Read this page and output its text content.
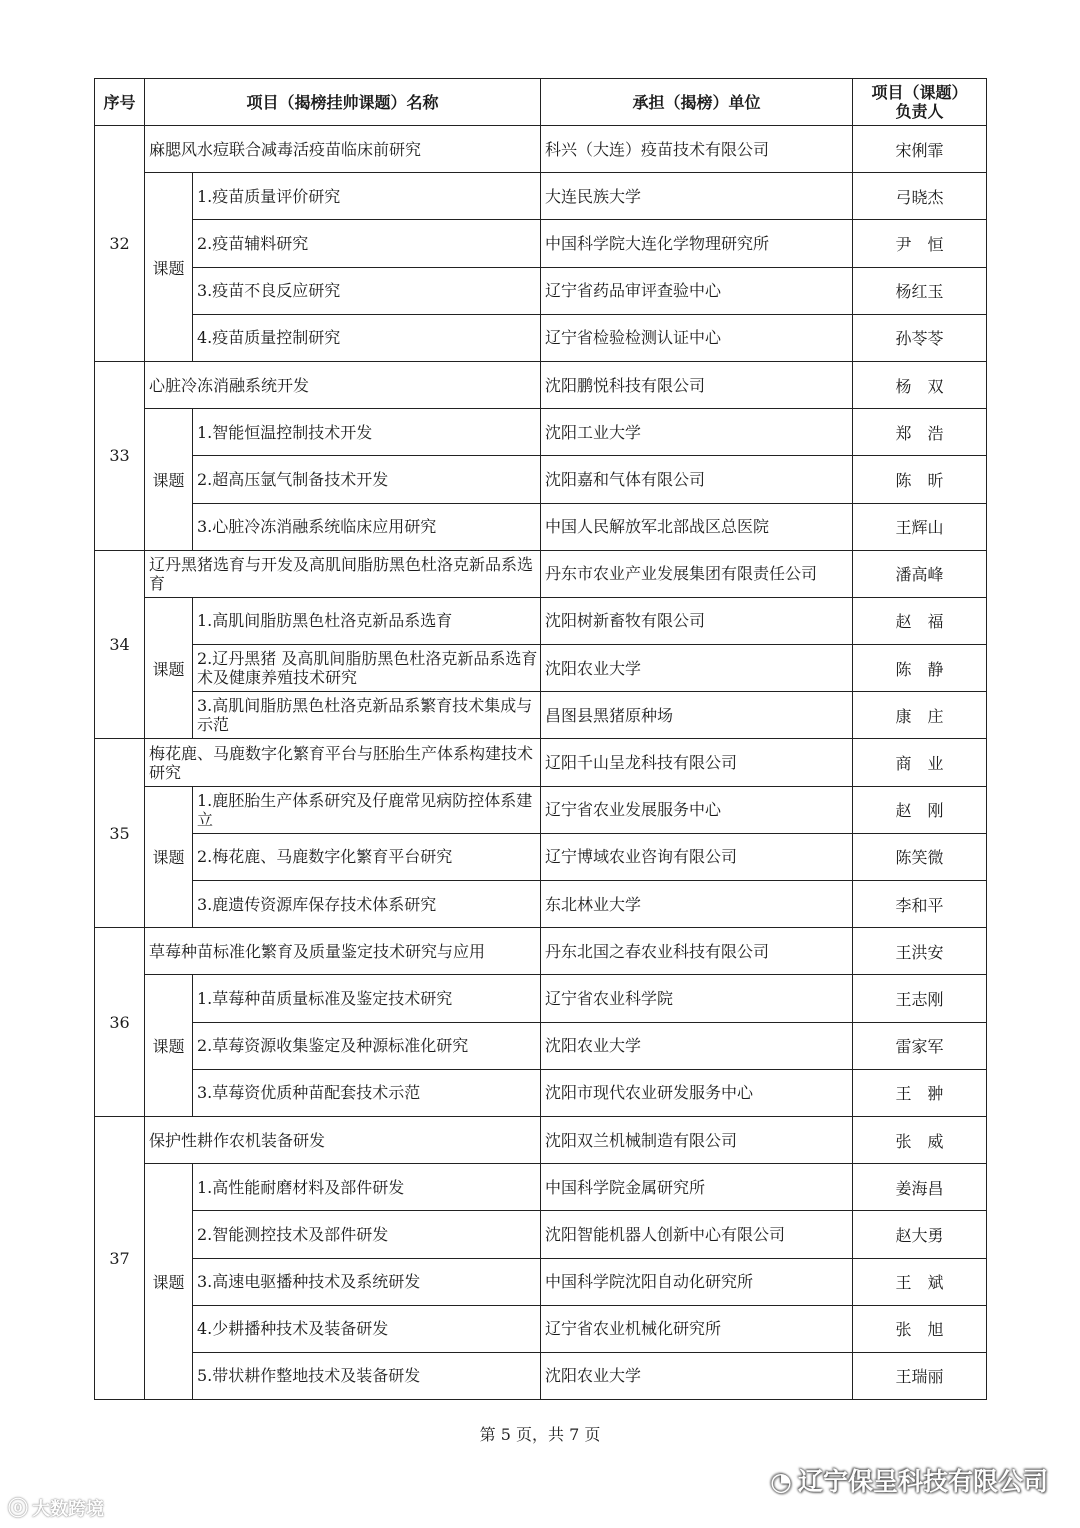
序号	项目（揭榜挂帅课题）名称		承担（揭榜）单位	项目（课题）
负责人
32	麻腮风水痘联合减毒活疫苗临床前研究		科兴（大连）疫苗技术有限公司	宋俐霏
	课题	1.疫苗质量评价研究	大连民族大学	弓晓杰
		2.疫苗辅料研究	中国科学院大连化学物理研究所	尹　恒
		3.疫苗不良反应研究	辽宁省药品审评查验中心	杨红玉
		4.疫苗质量控制研究	辽宁省检验检测认证中心	孙苓苓
33	心脏冷冻消融系统开发		沈阳鹏悦科技有限公司	杨　双
	课题	1.智能恒温控制技术开发	沈阳工业大学	郑　浩
		2.超高压氩气制备技术开发	沈阳嘉和气体有限公司	陈　昕
		3.心脏冷冻消融系统临床应用研究	中国人民解放军北部战区总医院	王辉山
34	辽丹黑猪选育与开发及高肌间脂肪黑色杜洛克新品系选育		丹东市农业产业发展集团有限责任公司	潘高峰
	课题	1.高肌间脂肪黑色杜洛克新品系选育	沈阳树新畜牧有限公司	赵　福
		2.辽丹黑猪 及高肌间脂肪黑色杜洛克新品系选育术及健康养殖技术研究	沈阳农业大学	陈　静
		3.高肌间脂肪黑色杜洛克新品系繁育技术集成与示范	昌图县黑猪原种场	康　庄
35	梅花鹿、马鹿数字化繁育平台与胚胎生产体系构建技术研究		辽阳千山呈龙科技有限公司	商　业
	课题	1.鹿胚胎生产体系研究及仔鹿常见病防控体系建立	辽宁省农业发展服务中心	赵　刚
		2.梅花鹿、马鹿数字化繁育平台研究	辽宁博域农业咨询有限公司	陈笑微
		3.鹿遗传资源库保存技术体系研究	东北林业大学	李和平
36	草莓种苗标准化繁育及质量鉴定技术研究与应用		丹东北国之春农业科技有限公司	王洪安
	课题	1.草莓种苗质量标准及鉴定技术研究	辽宁省农业科学院	王志刚
		2.草莓资源收集鉴定及种源标准化研究	沈阳农业大学	雷家军
		3.草莓资优质种苗配套技术示范	沈阳市现代农业研发服务中心	王　翀
37	保护性耕作农机装备研发		沈阳双兰机械制造有限公司	张　威
	课题	1.高性能耐磨材料及部件研发	中国科学院金属研究所	姜海昌
		2.智能测控技术及部件研发	沈阳智能机器人创新中心有限公司	赵大勇
		3.高速电驱播种技术及系统研发	中国科学院沈阳自动化研究所	王　斌
		4.少耕播种技术及装备研发	辽宁省农业机械化研究所	张　旭
		5.带状耕作整地技术及装备研发	沈阳农业大学	王瑞丽
第 5 页，共 7 页
ⓞ 大数跨境
◔ 辽宁保呈科技有限公司
